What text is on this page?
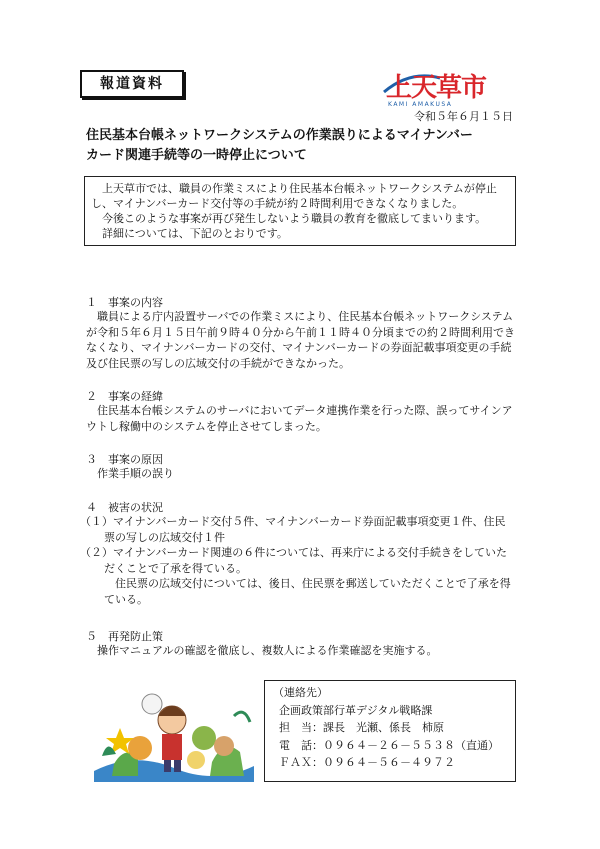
報道資料	上天草市
KAMI AMAKUSA
令和５年６月１５日
住民基本台帳ネットワークシステムの作業誤りによるマイナンバー
カード関連手続等の一時停止について

上天草市では、職員の作業ミスにより住民基本台帳ネットワークシステムが停止し、マイナンバーカード交付等の手続が約２時間利用できなくなりました。

今後このような事案が再び発生しないよう職員の教育を徹底してまいります。

詳細については、下記のとおりです。

１　事案の内容

職員による庁内設置サーバでの作業ミスにより、住民基本台帳ネットワークシステムが令和５年６月１５日午前９時４０分から午前１１時４０分頃までの約２時間利用できなくなり、マイナンバーカードの交付、マイナンバーカードの券面記載事項変更の手続及び住民票の写しの広域交付の手続ができなかった。

２　事案の経緯

住民基本台帳システムのサーバにおいてデータ連携作業を行った際、誤ってサインアウトし稼働中のシステムを停止させてしまった。

３　事案の原因

作業手順の誤り

４　被害の状況

（１）マイナンバーカード交付５件、マイナンバーカード券面記載事項変更１件、住民票の写しの広域交付１件

（２）マイナンバーカード関連の６件については、再来庁による交付手続きをしていただくことで了承を得ている。

住民票の広域交付については、後日、住民票を郵送していただくことで了承を得ている。

５　再発防止策

操作マニュアルの確認を徹底し、複数人による作業確認を実施する。

（連絡先）

企画政策部行革デジタル戦略課

担　当：課長　光瀬、係長　柿原

電　話：０９６４－２６－５５３８（直通）

ＦＡＸ：０９６４－５６－４９７２
